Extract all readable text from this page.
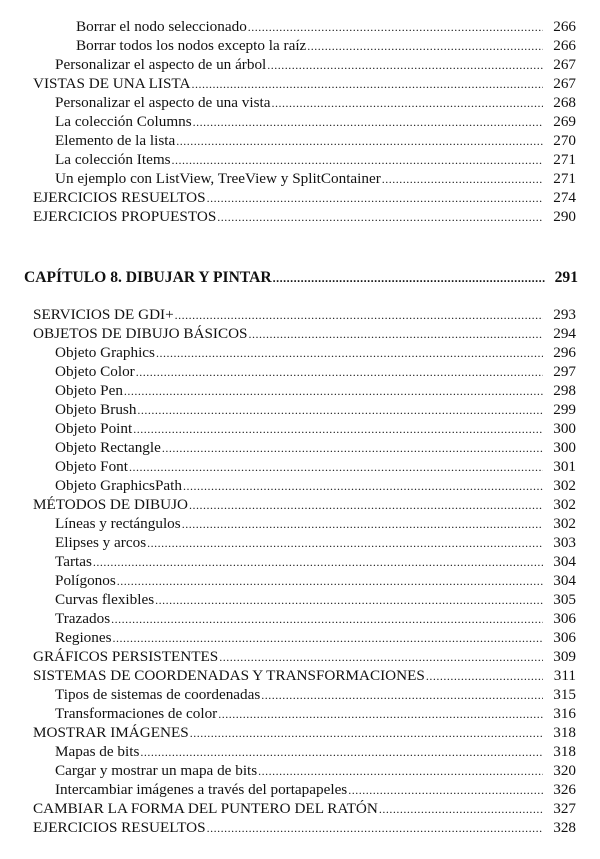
Borrar el nodo seleccionado .....	266
Borrar todos los nodos excepto la raíz .....	266
Personalizar el aspecto de un árbol .....	267
VISTAS DE UNA LISTA .....	267
Personalizar el aspecto de una vista .....	268
La colección Columns .....	269
Elemento de la lista .....	270
La colección Items .....	271
Un ejemplo con ListView, TreeView y SplitContainer .....	271
EJERCICIOS RESUELTOS .....	274
EJERCICIOS PROPUESTOS .....	290
CAPÍTULO 8. DIBUJAR Y PINTAR .....	291
SERVICIOS DE GDI+ .....	293
OBJETOS DE DIBUJO BÁSICOS .....	294
Objeto Graphics .....	296
Objeto Color .....	297
Objeto Pen .....	298
Objeto Brush .....	299
Objeto Point .....	300
Objeto Rectangle .....	300
Objeto Font .....	301
Objeto GraphicsPath .....	302
MÉTODOS DE DIBUJO .....	302
Líneas y rectángulos .....	302
Elipses y arcos .....	303
Tartas .....	304
Polígonos .....	304
Curvas flexibles .....	305
Trazados .....	306
Regiones .....	306
GRÁFICOS PERSISTENTES .....	309
SISTEMAS DE COORDENADAS Y TRANSFORMACIONES .....	311
Tipos de sistemas de coordenadas .....	315
Transformaciones de color .....	316
MOSTRAR IMÁGENES .....	318
Mapas de bits .....	318
Cargar y mostrar un mapa de bits .....	320
Intercambiar imágenes a través del portapapeles .....	326
CAMBIAR LA FORMA DEL PUNTERO DEL RATÓN .....	327
EJERCICIOS RESUELTOS .....	328
